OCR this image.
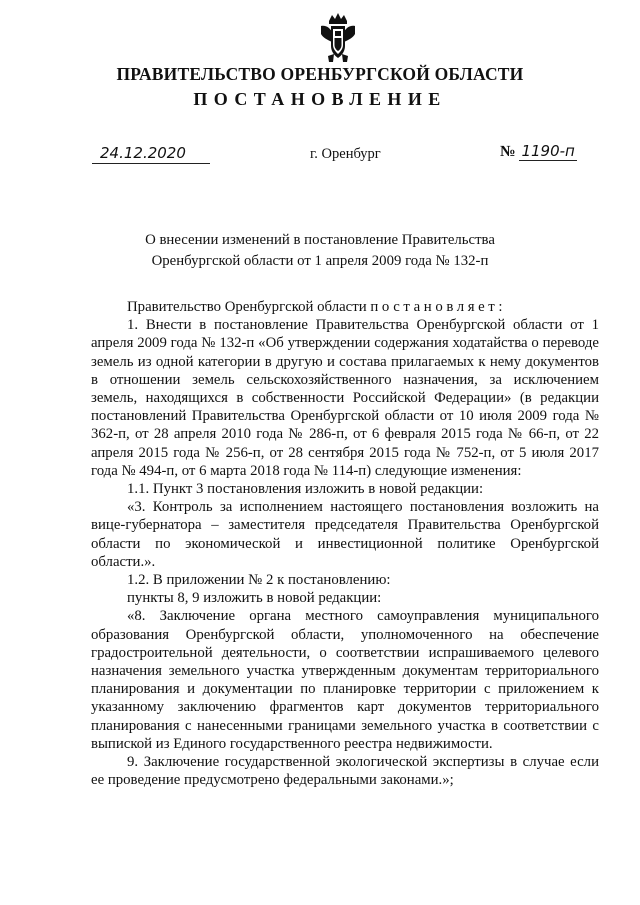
ПРАВИТЕЛЬСТВО ОРЕНБУРГСКОЙ ОБЛАСТИ
ПОСТАНОВЛЕНИЕ
24.12.2020	г. Оренбург	№ 1190-п
О внесении изменений в постановление Правительства
Оренбургской области от 1 апреля 2009 года № 132-п

Правительство Оренбургской области постановляет:

1. Внести в постановление Правительства Оренбургской области от 1 апреля 2009 года № 132-п «Об утверждении содержания ходатайства о переводе земель из одной категории в другую и состава прилагаемых к нему документов в отношении земель сельскохозяйственного назначения, за исключением земель, находящихся в собственности Российской Федерации» (в редакции постановлений Правительства Оренбургской области от 10 июля 2009 года № 362-п, от 28 апреля 2010 года № 286-п, от 6 февраля 2015 года № 66-п, от 22 апреля 2015 года № 256-п, от 28 сентября 2015 года № 752-п, от 5 июля 2017 года № 494-п, от 6 марта 2018 года № 114-п) следующие изменения:

1.1. Пункт 3 постановления изложить в новой редакции:

«3. Контроль за исполнением настоящего постановления возложить на вице-губернатора – заместителя председателя Правительства Оренбургской области по экономической и инвестиционной политике Оренбургской области.».

1.2. В приложении № 2 к постановлению:

пункты 8, 9 изложить в новой редакции:

«8. Заключение органа местного самоуправления муниципального образования Оренбургской области, уполномоченного на обеспечение градостроительной деятельности, о соответствии испрашиваемого целевого назначения земельного участка утвержденным документам территориального планирования и документации по планировке территории с приложением к указанному заключению фрагментов карт документов территориального планирования с нанесенными границами земельного участка в соответствии с выпиской из Единого государственного реестра недвижимости.

9. Заключение государственной экологической экспертизы в случае если ее проведение предусмотрено федеральными законами.»;
